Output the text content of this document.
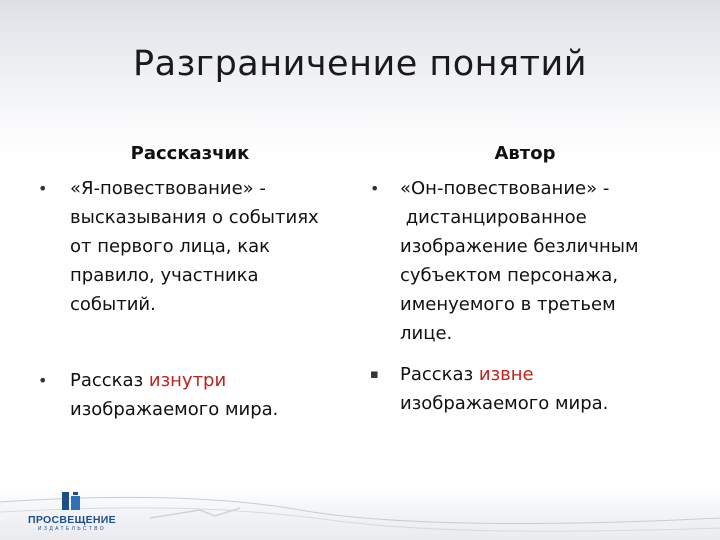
Разграничение понятий
Рассказчик
• «Я-повествование» -
высказывания о событиях
от первого лица, как
правило, участника
событий.
• Рассказ изнутри
изображаемого мира.
Автор
• «Он-повествование» -
дистанцированное
изображение безличным
субъектом персонажа,
именуемого в третьем
лице.
▪ Рассказ извне
изображаемого мира.
ПРОСВЕЩЕНИЕ
ИЗДАТЕЛЬСТВО
